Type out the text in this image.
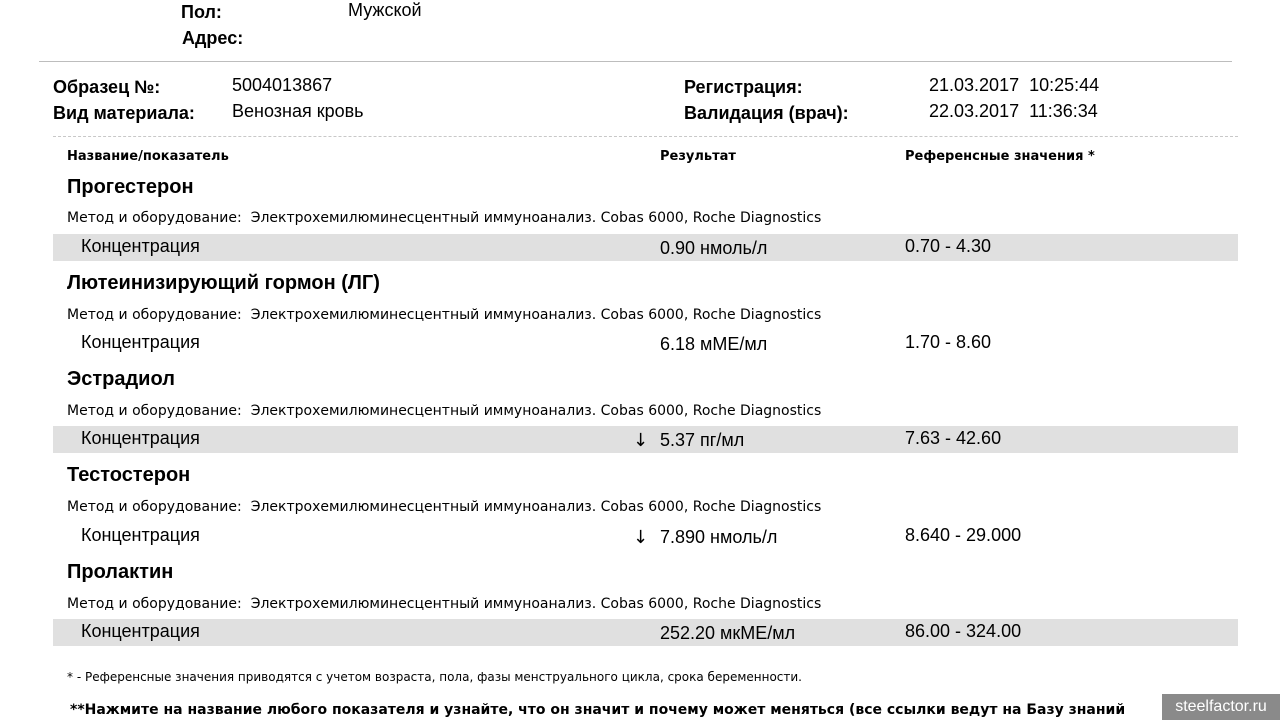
Пол:	Мужской
Адрес:
Образец №:	5004013867
Вид материала: Венозная кровь
Регистрация:	21.03.2017  10:25:44
Валидация (врач):	22.03.2017  11:36:34
Название/показатель	Результат	Референсные значения *
Прогестерон
Метод и оборудование: Электрохемилюминесцентный иммуноанализ. Cobas 6000, Roche Diagnostics
Концентрация	0.90 нмоль/л	0.70 - 4.30
Лютеинизирующий гормон (ЛГ)
Метод и оборудование: Электрохемилюминесцентный иммуноанализ. Cobas 6000, Roche Diagnostics
Концентрация	6.18 мМЕ/мл	1.70 - 8.60
Эстрадиол
Метод и оборудование: Электрохемилюминесцентный иммуноанализ. Cobas 6000, Roche Diagnostics
Концентрация	↓ 5.37 пг/мл	7.63 - 42.60
Тестостерон
Метод и оборудование: Электрохемилюминесцентный иммуноанализ. Cobas 6000, Roche Diagnostics
Концентрация	↓ 7.890 нмоль/л	8.640 - 29.000
Пролактин
Метод и оборудование: Электрохемилюминесцентный иммуноанализ. Cobas 6000, Roche Diagnostics
Концентрация	252.20 мкМЕ/мл	86.00 - 324.00
* - Референсные значения приводятся с учетом возраста, пола, фазы менструального цикла, срока беременности.
**Нажмите на название любого показателя и узнайте, что он значит и почему может меняться (все ссылки ведут на Базу знаний	steelfactor.ru
